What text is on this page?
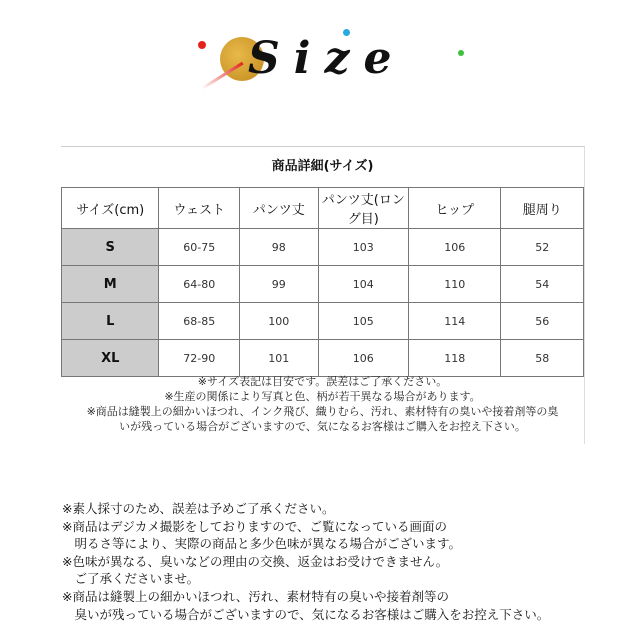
Size
商品詳細(サイズ)
サイズ(cm)	ウェスト	パンツ丈	パンツ丈(ロング目)	ヒップ	腿周り
S	60-75	98	103	106	52
M	64-80	99	104	110	54
L	68-85	100	105	114	56
XL	72-90	101	106	118	58
※サイズ表記は目安です。誤差はご了承ください。
※生産の関係により写真と色、柄が若干異なる場合があります。
※商品は縫製上の細かいほつれ、インク飛び、織りむら、汚れ、素材特有の臭いや接着剤等の臭
いが残っている場合がございますので、気になるお客様はご購入をお控え下さい。
※素人採寸のため、誤差は予めご了承ください。
※商品はデジカメ撮影をしておりますので、ご覧になっている画面の
　明るさ等により、実際の商品と多少色味が異なる場合がございます。
※色味が異なる、臭いなどの理由の交換、返金はお受けできません。
　ご了承くださいませ。
※商品は縫製上の細かいほつれ、汚れ、素材特有の臭いや接着剤等の
　臭いが残っている場合がございますので、気になるお客様はご購入をお控え下さい。
